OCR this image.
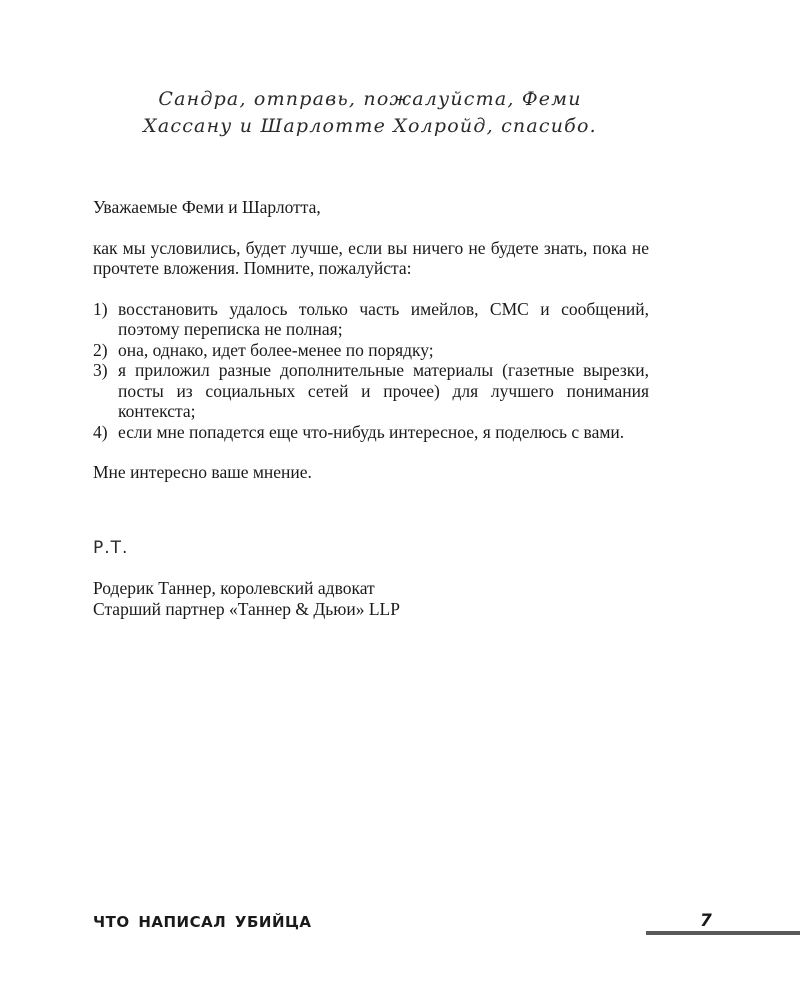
Сандра, отправь, пожалуйста, Феми
Хассану и Шарлотте Холройд, спасибо.

Уважаемые Феми и Шарлотта,

как мы условились, будет лучше, если вы ничего не будете знать, пока не прочтете вложения. Помните, пожалуйста:

1) восстановить удалось только часть имейлов, СМС и сообщений, поэтому переписка не полная;
2) она, однако, идет более-менее по порядку;
3) я приложил разные дополнительные материалы (газетные вырезки, посты из социальных сетей и прочее) для лучшего понимания контекста;
4) если мне попадется еще что-нибудь интересное, я поделюсь с вами.

Мне интересно ваше мнение.

Р.Т.
Родерик Таннер, королевский адвокат
Старший партнер «Таннер & Дьюи» LLP
ЧТО НАПИСАЛ УБИЙЦА	7
